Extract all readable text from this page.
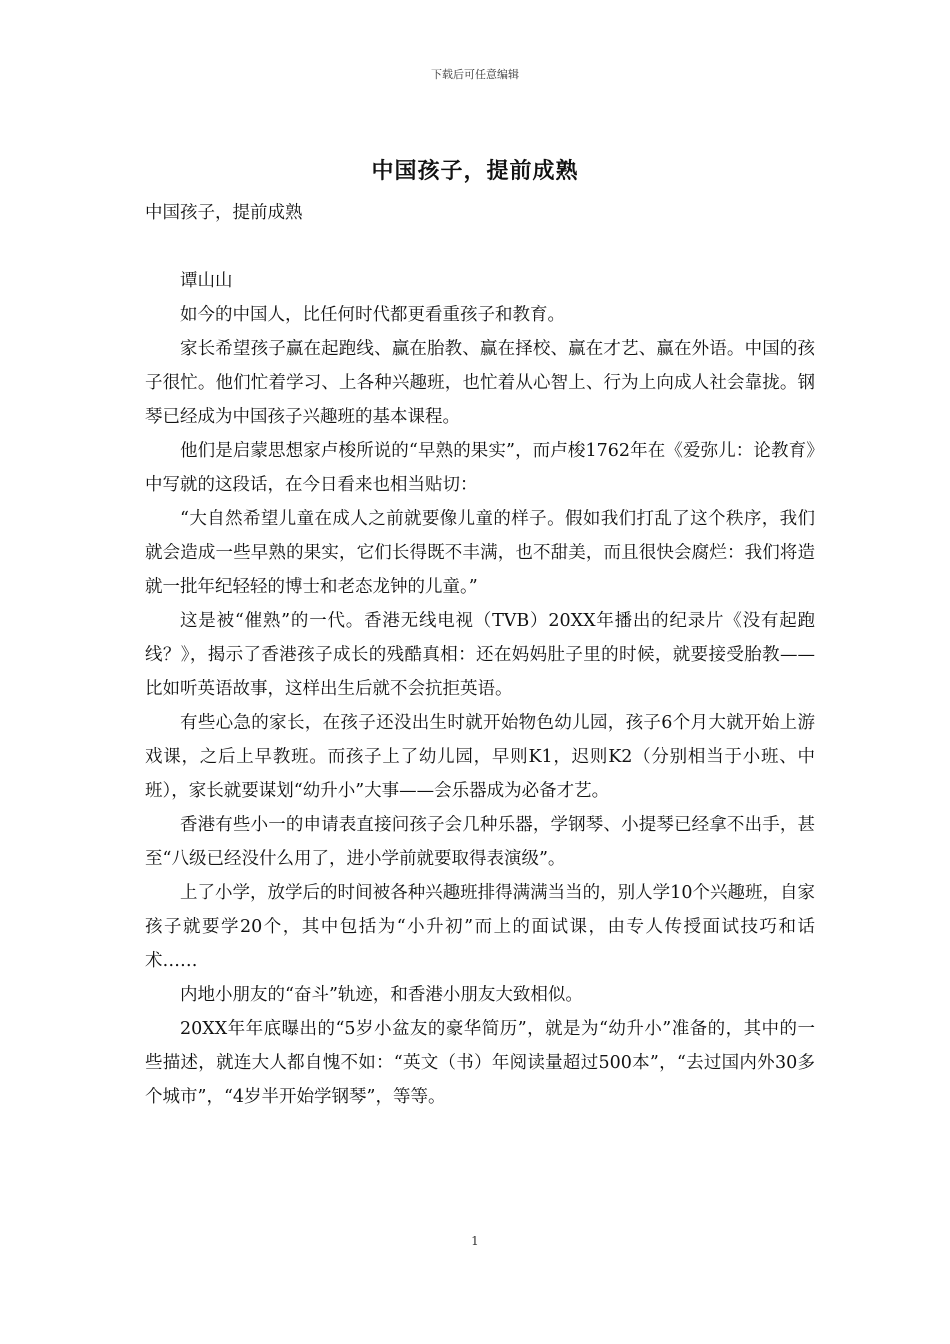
下载后可任意编辑
中国孩子，提前成熟

中国孩子，提前成熟

谭山山

如今的中国人，比任何时代都更看重孩子和教育。

家长希望孩子赢在起跑线、赢在胎教、赢在择校、赢在才艺、赢在外语。中国的孩子很忙。他们忙着学习、上各种兴趣班，也忙着从心智上、行为上向成人社会靠拢。钢琴已经成为中国孩子兴趣班的基本课程。

他们是启蒙思想家卢梭所说的“早熟的果实”，而卢梭1762年在《爱弥儿：论教育》中写就的这段话，在今日看来也相当贴切：

“大自然希望儿童在成人之前就要像儿童的样子。假如我们打乱了这个秩序，我们就会造成一些早熟的果实，它们长得既不丰满，也不甜美，而且很快会腐烂：我们将造就一批年纪轻轻的博士和老态龙钟的儿童。”

这是被“催熟”的一代。香港无线电视（TVB）20XX年播出的纪录片《没有起跑线？》，揭示了香港孩子成长的残酷真相：还在妈妈肚子里的时候，就要接受胎教——比如听英语故事，这样出生后就不会抗拒英语。

有些心急的家长，在孩子还没出生时就开始物色幼儿园，孩子6个月大就开始上游戏课，之后上早教班。而孩子上了幼儿园，早则K1，迟则K2（分别相当于小班、中班），家长就要谋划“幼升小”大事——会乐器成为必备才艺。

香港有些小一的申请表直接问孩子会几种乐器，学钢琴、小提琴已经拿不出手，甚至“八级已经没什么用了，进小学前就要取得表演级”。

上了小学，放学后的时间被各种兴趣班排得满满当当的，别人学10个兴趣班，自家孩子就要学20个，其中包括为“小升初”而上的面试课，由专人传授面试技巧和话术……

内地小朋友的“奋斗”轨迹，和香港小朋友大致相似。

20XX年年底曝出的“5岁小盆友的豪华简历”，就是为“幼升小”准备的，其中的一些描述，就连大人都自愧不如：“英文（书）年阅读量超过500本”，“去过国内外30多个城市”，“4岁半开始学钢琴”，等等。

1
